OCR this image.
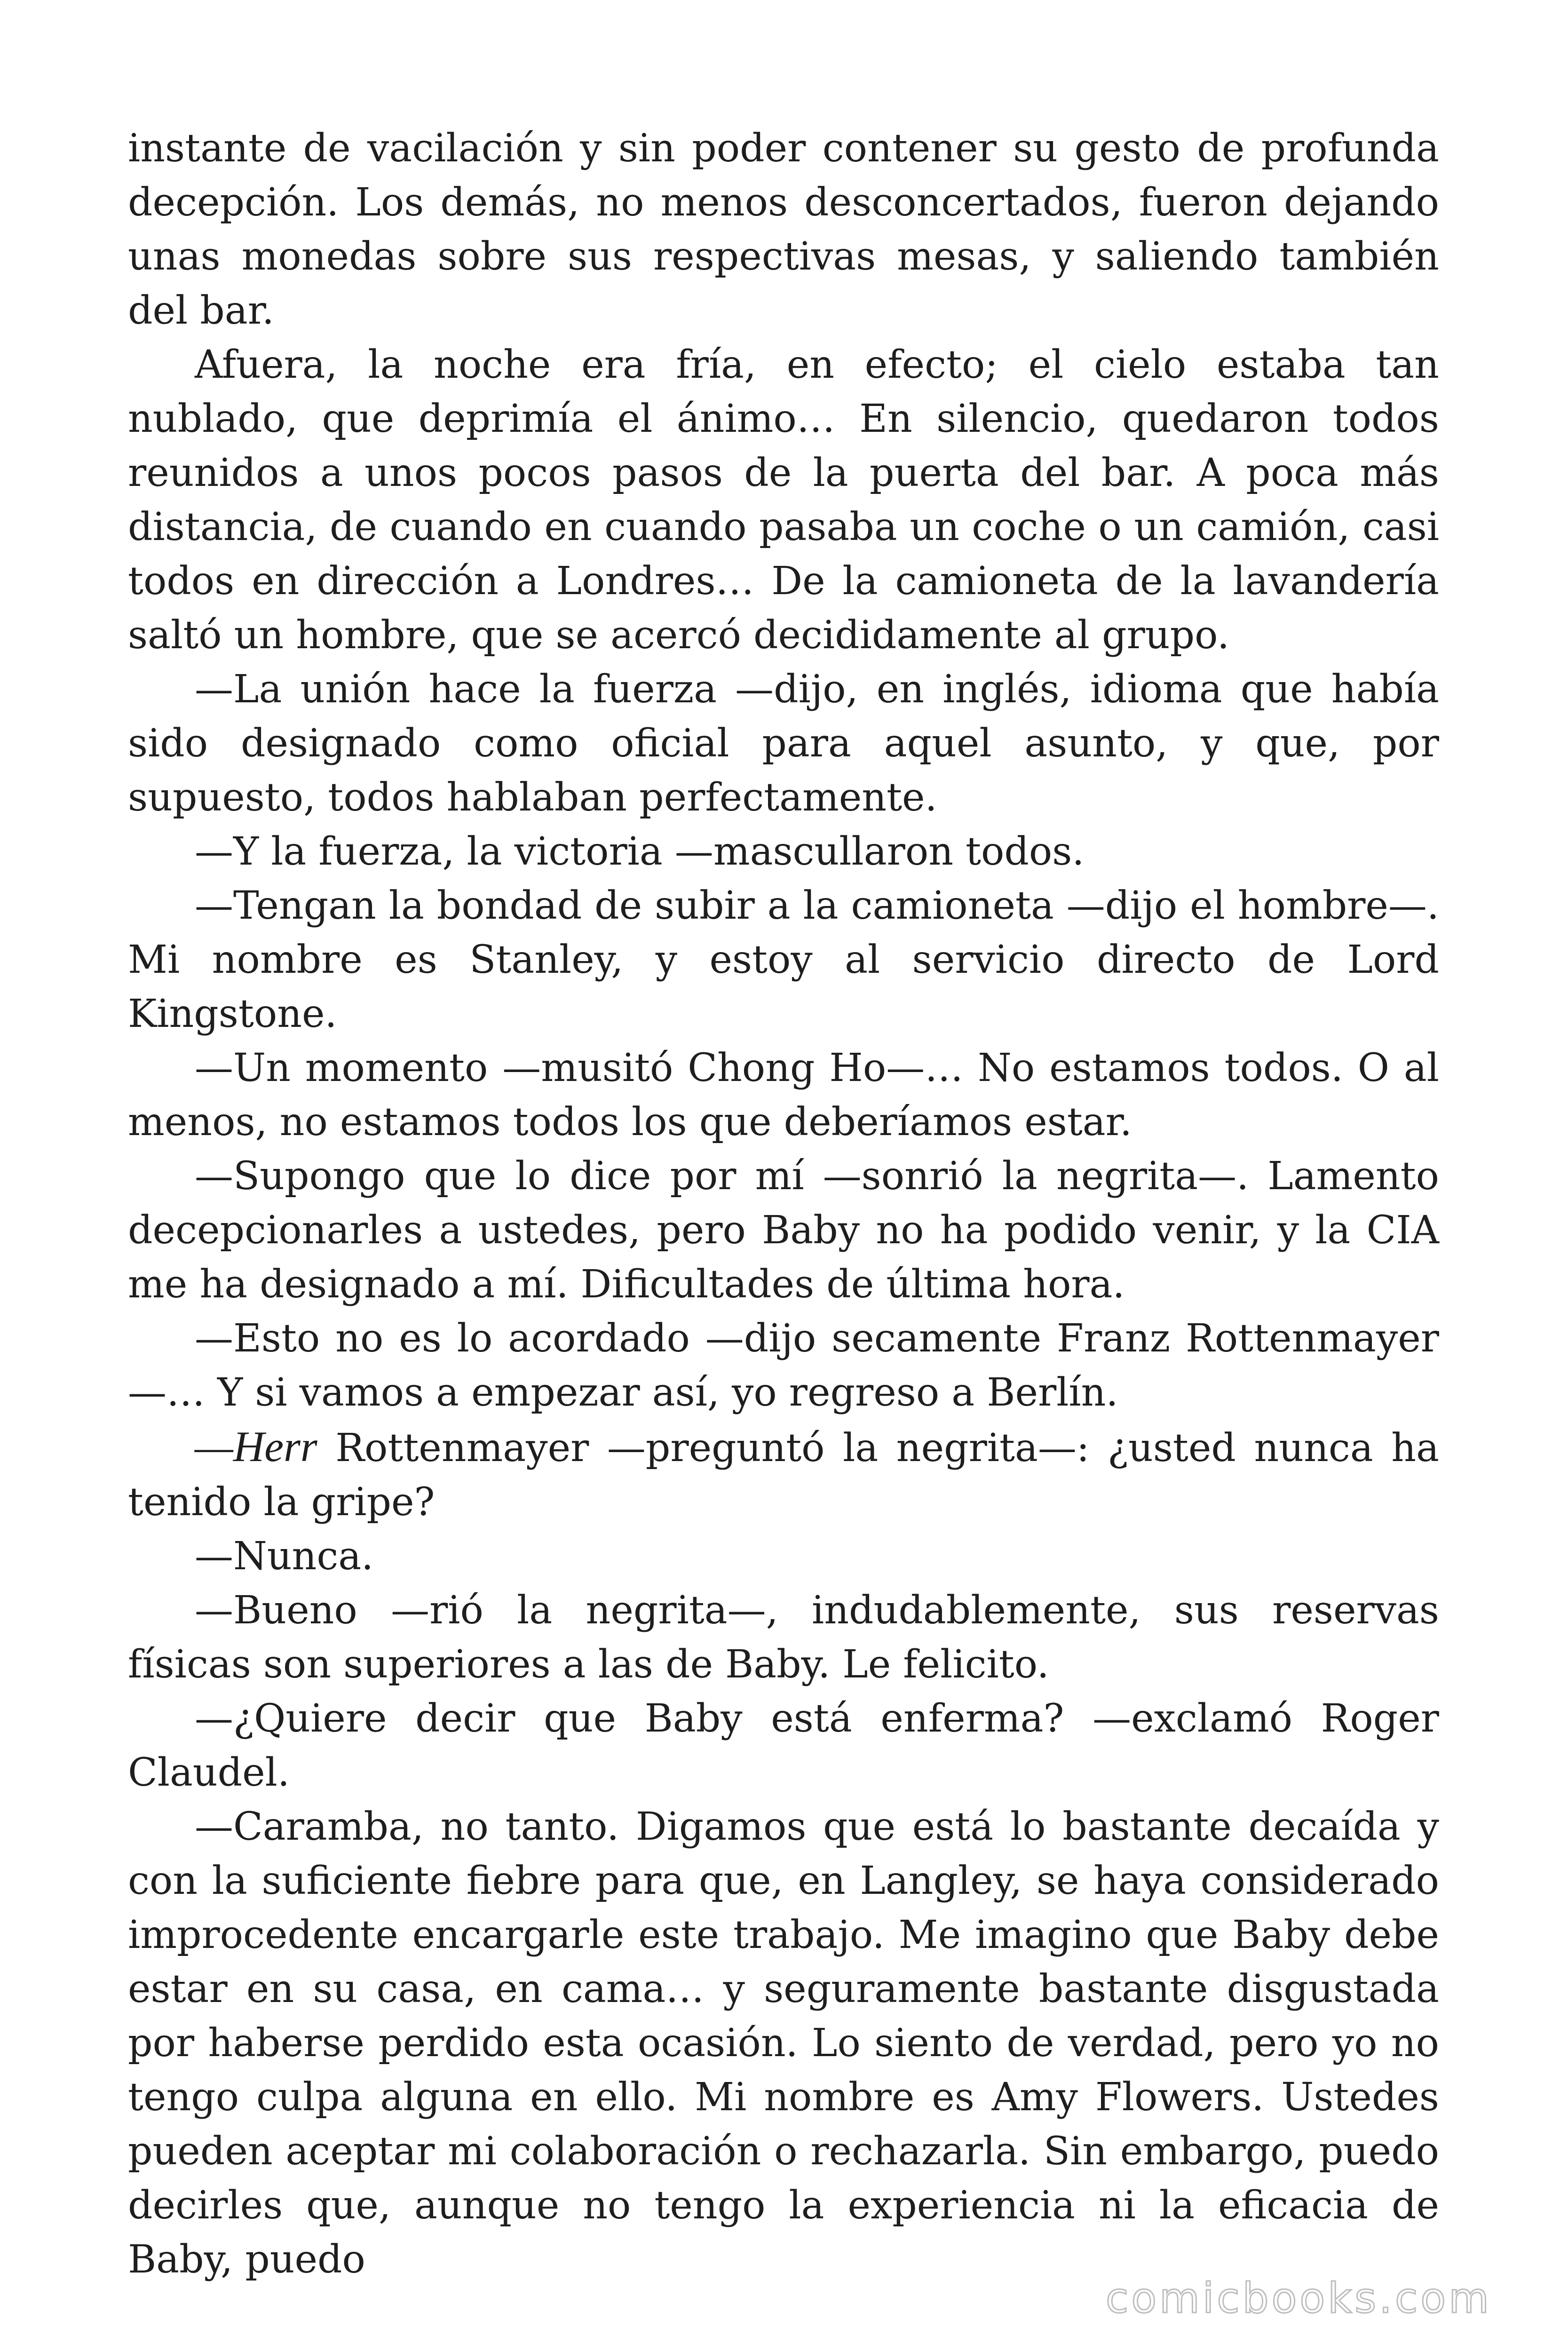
instante de vacilación y sin poder contener su gesto de profunda decepción. Los demás, no menos desconcertados, fueron dejando unas monedas sobre sus respectivas mesas, y saliendo también del bar.

Afuera, la noche era fría, en efecto; el cielo estaba tan nublado, que deprimía el ánimo… En silencio, quedaron todos reunidos a unos pocos pasos de la puerta del bar. A poca más distancia, de cuando en cuando pasaba un coche o un camión, casi todos en dirección a Londres… De la camioneta de la lavandería saltó un hombre, que se acercó decididamente al grupo.

—La unión hace la fuerza —dijo, en inglés, idioma que había sido designado como oficial para aquel asunto, y que, por supuesto, todos hablaban perfectamente.

—Y la fuerza, la victoria —mascullaron todos.

—Tengan la bondad de subir a la camioneta —dijo el hombre—. Mi nombre es Stanley, y estoy al servicio directo de Lord Kingstone.

—Un momento —musitó Chong Ho—… No estamos todos. O al menos, no estamos todos los que deberíamos estar.

—Supongo que lo dice por mí —sonrió la negrita—. Lamento decepcionarles a ustedes, pero Baby no ha podido venir, y la CIA me ha designado a mí. Dificultades de última hora.

—Esto no es lo acordado —dijo secamente Franz Rottenmayer—… Y si vamos a empezar así, yo regreso a Berlín.

—Herr Rottenmayer —preguntó la negrita—: ¿usted nunca ha tenido la gripe?

—Nunca.

—Bueno —rió la negrita—, indudablemente, sus reservas físicas son superiores a las de Baby. Le felicito.

—¿Quiere decir que Baby está enferma? —exclamó Roger Claudel.

—Caramba, no tanto. Digamos que está lo bastante decaída y con la suficiente fiebre para que, en Langley, se haya considerado improcedente encargarle este trabajo. Me imagino que Baby debe estar en su casa, en cama… y seguramente bastante disgustada por haberse perdido esta ocasión. Lo siento de verdad, pero yo no tengo culpa alguna en ello. Mi nombre es Amy Flowers. Ustedes pueden aceptar mi colaboración o rechazarla. Sin embargo, puedo decirles que, aunque no tengo la experiencia ni la eficacia de Baby, puedo

comicbooks.com
